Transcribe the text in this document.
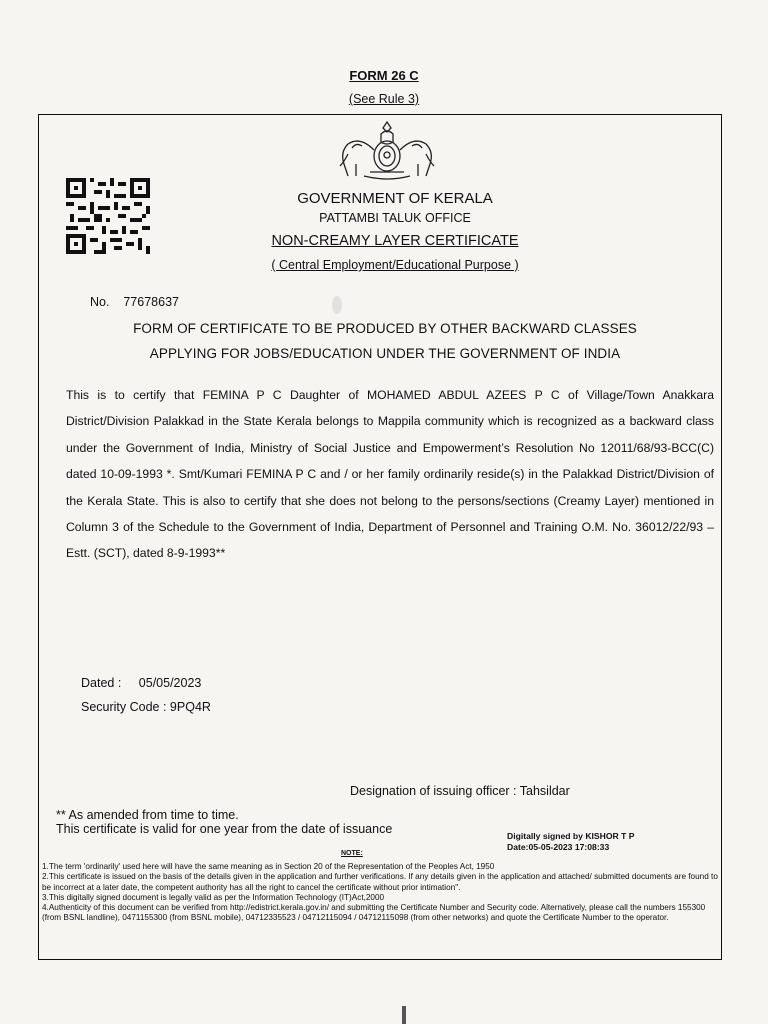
FORM 26 C
(See Rule 3)
GOVERNMENT OF KERALA
PATTAMBI TALUK OFFICE
NON-CREAMY LAYER CERTIFICATE
( Central Employment/Educational Purpose )
No. 77678637
FORM OF CERTIFICATE TO BE PRODUCED BY OTHER BACKWARD CLASSES
APPLYING FOR JOBS/EDUCATION UNDER THE GOVERNMENT OF INDIA
This is to certify that FEMINA P C Daughter of MOHAMED ABDUL AZEES P C of Village/Town Anakkara District/Division Palakkad in the State Kerala belongs to Mappila community which is recognized as a backward class under the Government of India, Ministry of Social Justice and Empowerment’s Resolution No 12011/68/93-BCC(C) dated 10-09-1993 *. Smt/Kumari FEMINA P C and / or her family ordinarily reside(s) in the Palakkad District/Division of the Kerala State. This is also to certify that she does not belong to the persons/sections (Creamy Layer) mentioned in Column 3 of the Schedule to the Government of India, Department of Personnel and Training O.M. No. 36012/22/93 – Estt. (SCT), dated 8-9-1993**
Dated : 05/05/2023
Security Code : 9PQ4R
Designation of issuing officer : Tahsildar
** As amended from time to time.
This certificate is valid for one year from the date of issuance	Digitally signed by KISHOR T P
Date:05-05-2023 17:08:33
NOTE:
1.The term 'ordinarily' used here will have the same meaning as in Section 20 of the Representation of the Peoples Act, 1950
2.This certificate is issued on the basis of the details given in the application and further verifications. If any details given in the application and attached/ submitted documents are found to be incorrect at a later date, the competent authority has all the right to cancel the certificate without prior intimation".
3.This digitally signed document is legally valid as per the Information Technology (IT)Act,2000
4.Authenticity of this document can be verified from http://edistrict.kerala.gov.in/ and submitting the Certificate Number and Security code. Alternatively, please call the numbers 155300 (from BSNL landline), 0471155300 (from BSNL mobile), 04712335523 / 04712115094 / 04712115098 (from other networks) and quote the Certificate Number to the operator.
